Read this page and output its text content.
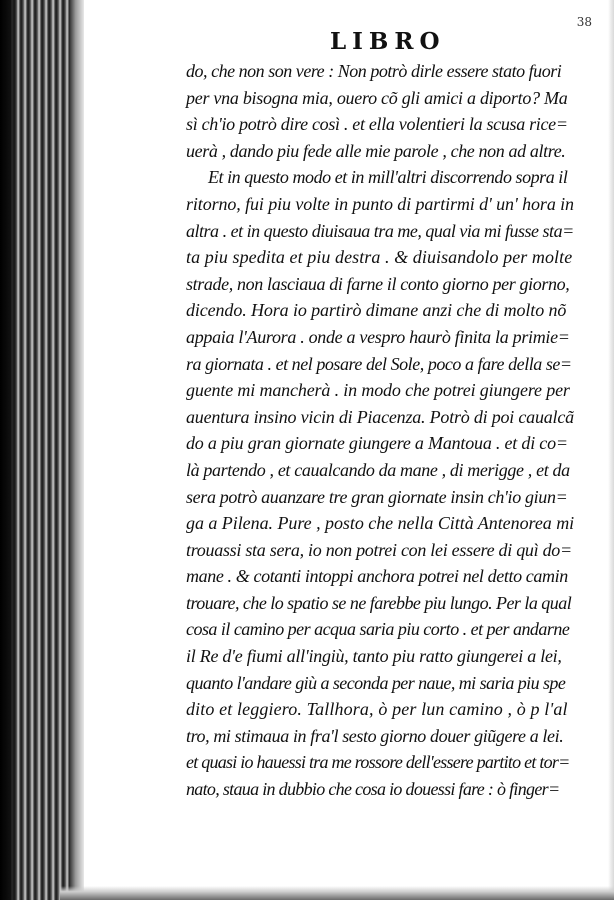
LIBRO
38
do, che non son vere : Non potrò dirle essere stato fuori
per vna bisogna mia, ouero cõ gli amici a diporto? Ma
sì ch'io potrò dire così . et ella volentieri la scusa rice=
uerà , dando piu fede alle mie parole , che non ad altre.
Et in questo modo et in mill'altri discorrendo sopra il
ritorno, fui piu volte in punto di partirmi d' un' hora in
altra . et in questo diuisaua tra me, qual via mi fusse sta=
ta piu spedita et piu destra . & diuisandolo per molte
strade, non lasciaua di farne il conto giorno per giorno,
dicendo. Hora io partirò dimane anzi che di molto nõ
appaia l'Aurora . onde a vespro haurò finita la primie=
ra giornata . et nel posare del Sole, poco a fare della se=
guente mi mancherà . in modo che potrei giungere per
auentura insino vicin di Piacenza. Potrò di poi caualcã
do a piu gran giornate giungere a Mantoua . et di co=
là partendo , et caualcando da mane , di merigge , et da
sera potrò auanzare tre gran giornate insin ch'io giun=
ga a Pilena. Pure , posto che nella Città Antenorea mi
trouassi sta sera, io non potrei con lei essere di quì do=
mane . & cotanti intoppi anchora potrei nel detto camin
trouare, che lo spatio se ne farebbe piu lungo. Per la qual
cosa il camino per acqua saria piu corto . et per andarne
il Re d'e fiumi all'ingiù, tanto piu ratto giungerei a lei,
quanto l'andare giù a seconda per naue, mi saria piu spe
dito et leggiero. Tallhora, ò per lun camino , ò p l'al
tro, mi stimaua in fra'l sesto giorno douer giũgere a lei.
et quasi io hauessi tra me rossore dell'essere partito et tor=
nato, staua in dubbio che cosa io douessi fare : ò finger=
